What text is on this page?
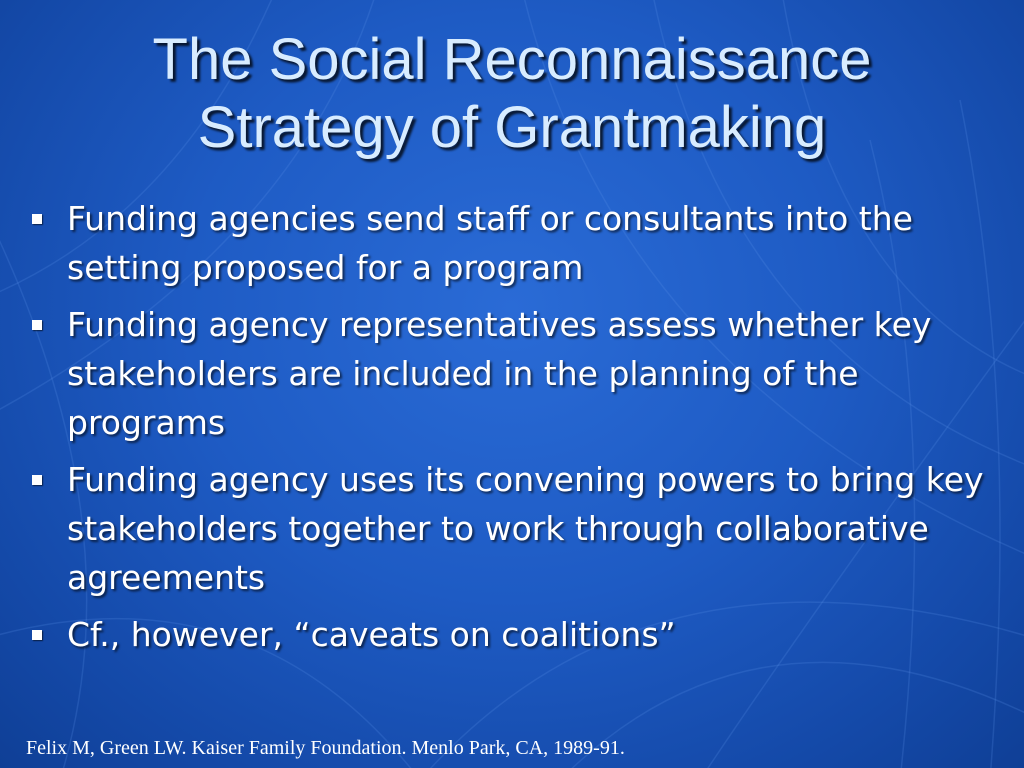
The Social Reconnaissance
Strategy of Grantmaking
Funding agencies send staff or consultants into the setting proposed for a program
Funding agency representatives assess whether key stakeholders are included in the planning of the programs
Funding agency uses its convening powers to bring key stakeholders together to work through collaborative agreements
Cf., however, “caveats on coalitions”
Felix M, Green LW. Kaiser Family Foundation. Menlo Park, CA, 1989-91.
